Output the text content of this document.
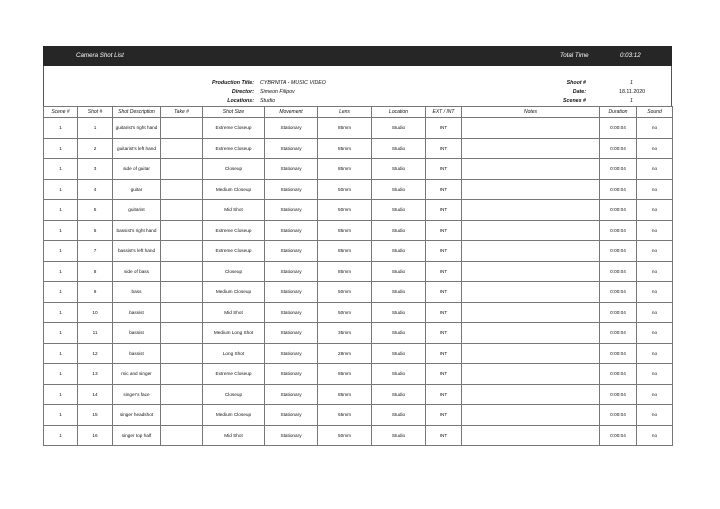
Camera Shot List	Total Time	0:03:12
Production Title: CYBRNITA - MUSIC VIDEO
Director: Simeon Filipov
Locations: Studio
Shoot #	1
Date:	18.11.2020
Scenes #	1
Scene #	Shot #	Shot Description	Take #	Shot Size	Movement	Lens	Location	EXT / INT	Notes	Duration	Sound
1	1	guitarist's right hand		Extreme Closeup	Stationary	85mm	Studio	INT		0:00:04	no
1	2	guitarist's left hand		Extreme Closeup	Stationary	85mm	Studio	INT		0:00:04	no
1	3	side of guitar		Closeup	Stationary	85mm	Studio	INT		0:00:04	no
1	4	guitar		Medium Closeup	Stationary	50mm	Studio	INT		0:00:04	no
1	5	guitarist		Mid Shot	Stationary	50mm	Studio	INT		0:00:04	no
1	6	bassist's right hand		Extreme Closeup	Stationary	85mm	Studio	INT		0:00:04	no
1	7	bassist's left hand		Extreme Closeup	Stationary	85mm	Studio	INT		0:00:04	no
1	8	side of bass		Closeup	Stationary	85mm	Studio	INT		0:00:04	no
1	9	bass		Medium Closeup	Stationary	50mm	Studio	INT		0:00:04	no
1	10	bassist		Mid Shot	Stationary	50mm	Studio	INT		0:00:04	no
1	11	bassist		Medium Long Shot	Stationary	35mm	Studio	INT		0:00:04	no
1	12	bassist		Long Shot	Stationary	28mm	Studio	INT		0:00:04	no
1	13	mic and singer		Extreme Closeup	Stationary	85mm	Studio	INT		0:00:04	no
1	14	singer's face		Closeup	Stationary	85mm	Studio	INT		0:00:04	no
1	15	singer headshot		Medium Closeup	Stationary	65mm	Studio	INT		0:00:04	no
1	16	singer top half		Mid Shot	Stationary	50mm	Studio	INT		0:00:04	no
